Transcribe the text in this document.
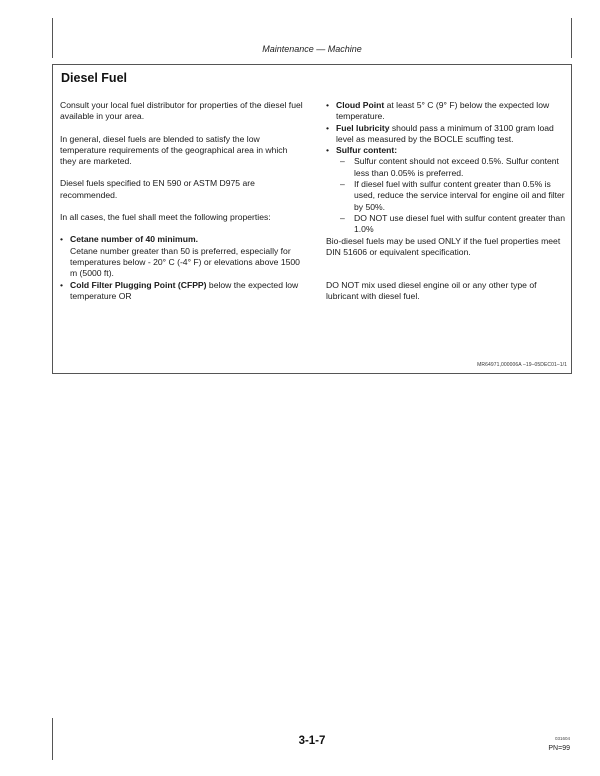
Maintenance — Machine
Diesel Fuel

Consult your local fuel distributor for properties of the diesel fuel available in your area.

In general, diesel fuels are blended to satisfy the low temperature requirements of the geographical area in which they are marketed.

Diesel fuels specified to EN 590 or ASTM D975 are recommended.

In all cases, the fuel shall meet the following properties:

• Cetane number of 40 minimum.
Cetane number greater than 50 is preferred, especially for temperatures below - 20° C (-4° F) or elevations above 1500 m (5000 ft).
• Cold Filter Plugging Point (CFPP) below the expected low temperature OR
• Cloud Point at least 5° C (9° F) below the expected low temperature.
• Fuel lubricity should pass a minimum of 3100 gram load level as measured by the BOCLE scuffing test.
• Sulfur content:
– Sulfur content should not exceed 0.5%. Sulfur content less than 0.05% is preferred.
– If diesel fuel with sulfur content greater than 0.5% is used, reduce the service interval for engine oil and filter by 50%.
– DO NOT use diesel fuel with sulfur content greater than 1.0%

Bio-diesel fuels may be used ONLY if the fuel properties meet DIN 51606 or equivalent specification.

DO NOT mix used diesel engine oil or any other type of lubricant with diesel fuel.

MR64971,000006A –19–05DEC01–1/1
3-1-7	031604
PN=99
